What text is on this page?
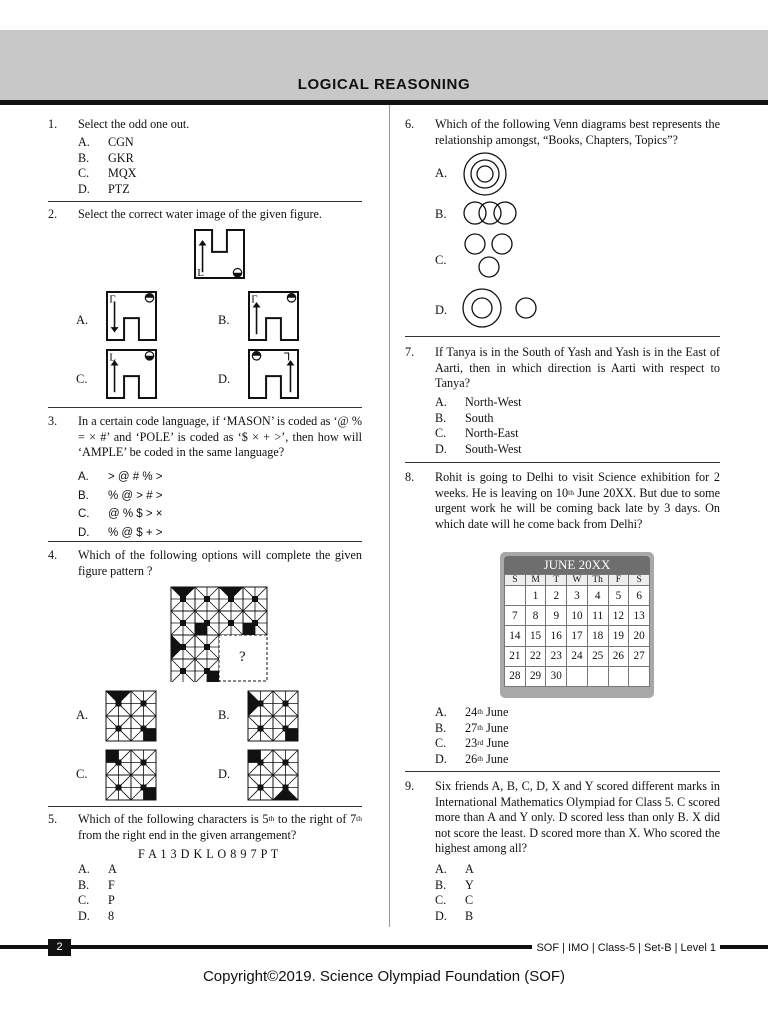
LOGICAL REASONING
1. Select the odd one out.
A. CGN
B. GKR
C. MQX
D. PTZ
2. Select the correct water image of the given figure.
L
A.
Γ
B.
Γ
C.
L
D.
⅂
3. In a certain code language, if ‘MASON’ is coded as ‘@ % = × #’ and ‘POLE’ is coded as ‘$ × + >’, then how will ‘AMPLE’ be coded in the same language?
A. > @ # % >
B. % @ > # >
C. @ % $ > ×
D. % @ $ + >
4. Which of the following options will complete the given figure pattern ?
?
A.	B.
C.	D.
5. Which of the following characters is 5th to the right of 7th from the right end in the given arrangement?
F A 1 3 D K L O 8 9 7 P T
A. A
B. F
C. P
D. 8
6. Which of the following Venn diagrams best represents the relationship amongst, “Books, Chapters, Topics”?
A.
B.
C.
D.
7. If Tanya is in the South of Yash and Yash is in the East of Aarti, then in which direction is Aarti with respect to Tanya?
A. North-West
B. South
C. North-East
D. South-West
8. Rohit is going to Delhi to visit Science exhibition for 2 weeks. He is leaving on 10th June 20XX. But due to some urgent work he will be coming back late by 3 days. On which date will he come back from Delhi?
JUNE 20XX
S	M	T	W	Th	F	S
	1	2	3	4	5	6
7	8	9	10	11	12	13
14	15	16	17	18	19	20
21	22	23	24	25	26	27
28	29	30				
A. 24th June
B. 27th June
C. 23rd June
D. 26th June
9. Six friends A, B, C, D, X and Y scored different marks in International Mathematics Olympiad for Class 5. C scored more than A and Y only. D scored less than only B. X did not score the least. D scored more than X. Who scored the highest among all?
A. A
B. Y
C. C
D. B
2	SOF | IMO | Class-5 | Set-B | Level 1
Copyright©2019. Science Olympiad Foundation (SOF)
